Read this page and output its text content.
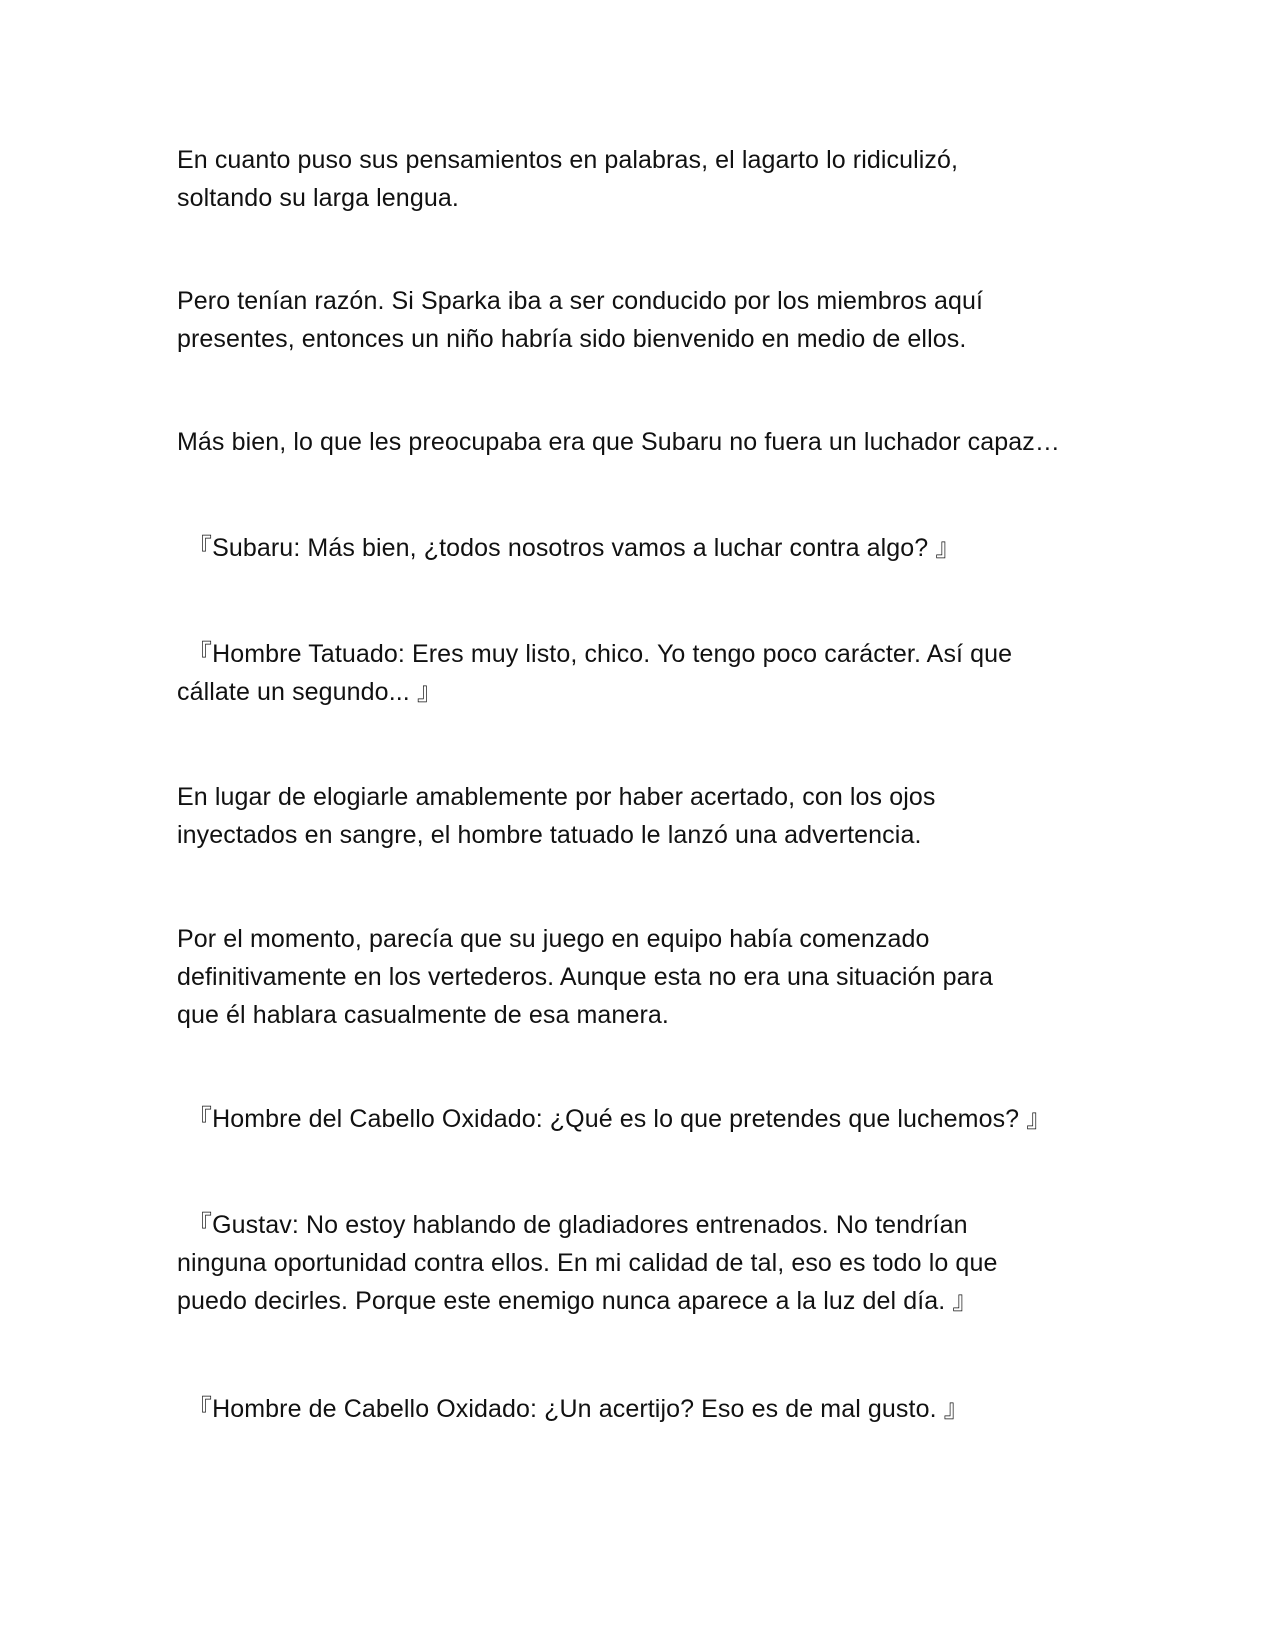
En cuanto puso sus pensamientos en palabras, el lagarto lo ridiculizó,
soltando su larga lengua.

Pero tenían razón. Si Sparka iba a ser conducido por los miembros aquí
presentes, entonces un niño habría sido bienvenido en medio de ellos.

Más bien, lo que les preocupaba era que Subaru no fuera un luchador capaz…

『Subaru: Más bien, ¿todos nosotros vamos a luchar contra algo? 』

『Hombre Tatuado: Eres muy listo, chico. Yo tengo poco carácter. Así que
cállate un segundo... 』

En lugar de elogiarle amablemente por haber acertado, con los ojos
inyectados en sangre, el hombre tatuado le lanzó una advertencia.

Por el momento, parecía que su juego en equipo había comenzado
definitivamente en los vertederos. Aunque esta no era una situación para
que él hablara casualmente de esa manera.

『Hombre del Cabello Oxidado: ¿Qué es lo que pretendes que luchemos? 』

『Gustav: No estoy hablando de gladiadores entrenados. No tendrían
ninguna oportunidad contra ellos. En mi calidad de tal, eso es todo lo que
puedo decirles. Porque este enemigo nunca aparece a la luz del día. 』

『Hombre de Cabello Oxidado: ¿Un acertijo? Eso es de mal gusto. 』
